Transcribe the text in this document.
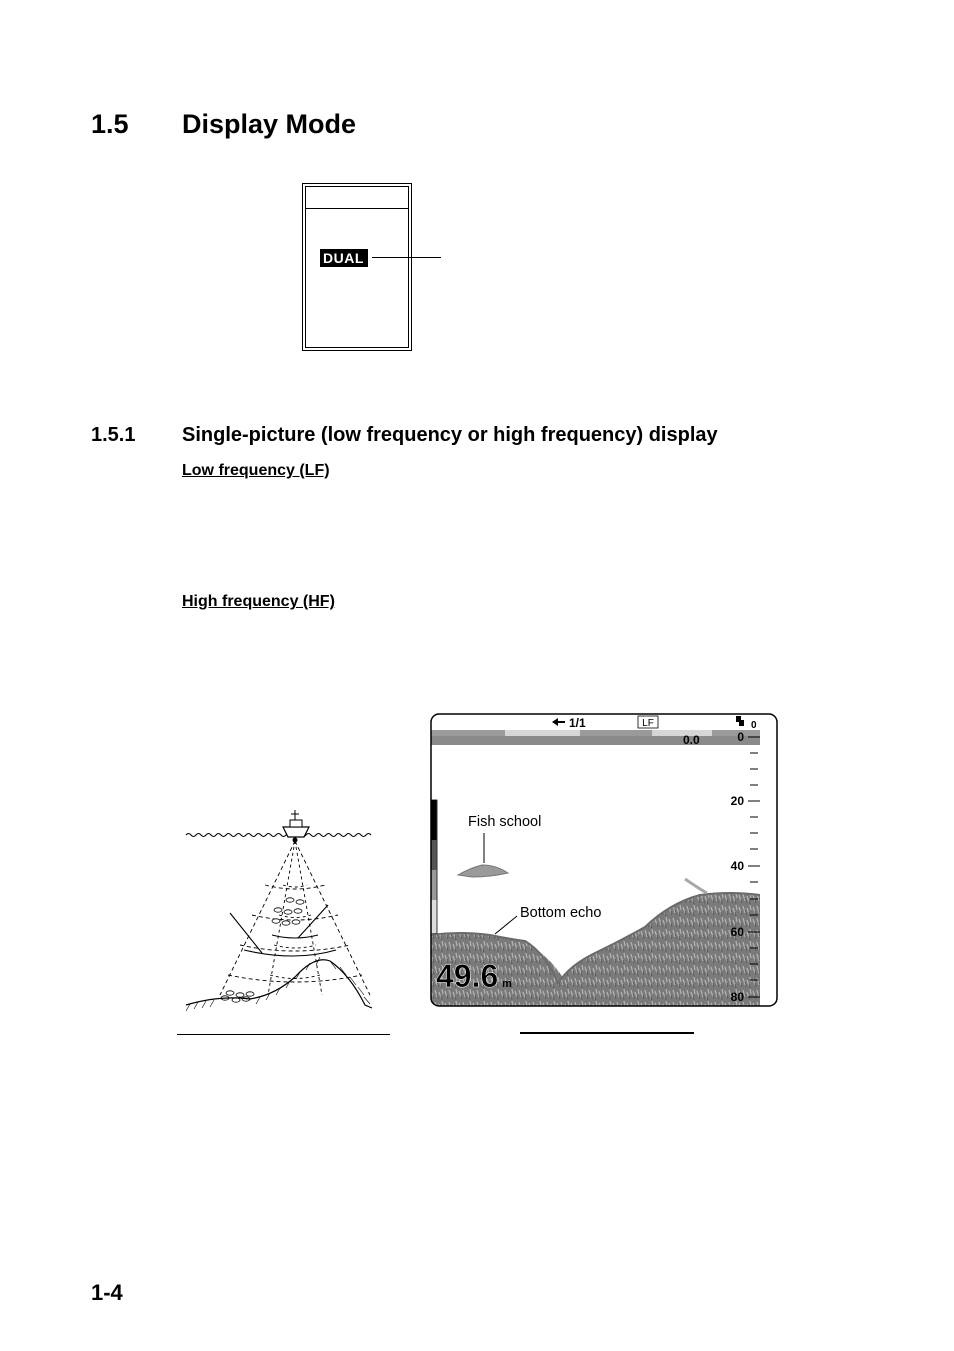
1.5 Display Mode
DUAL
1.5.1 Single-picture (low frequency or high frequency) display
Low frequency (LF)
High frequency (HF)
1/1	LF	0
0.0	0
20
40
60
80
Fish school
Bottom echo
49.6 m
1-4
